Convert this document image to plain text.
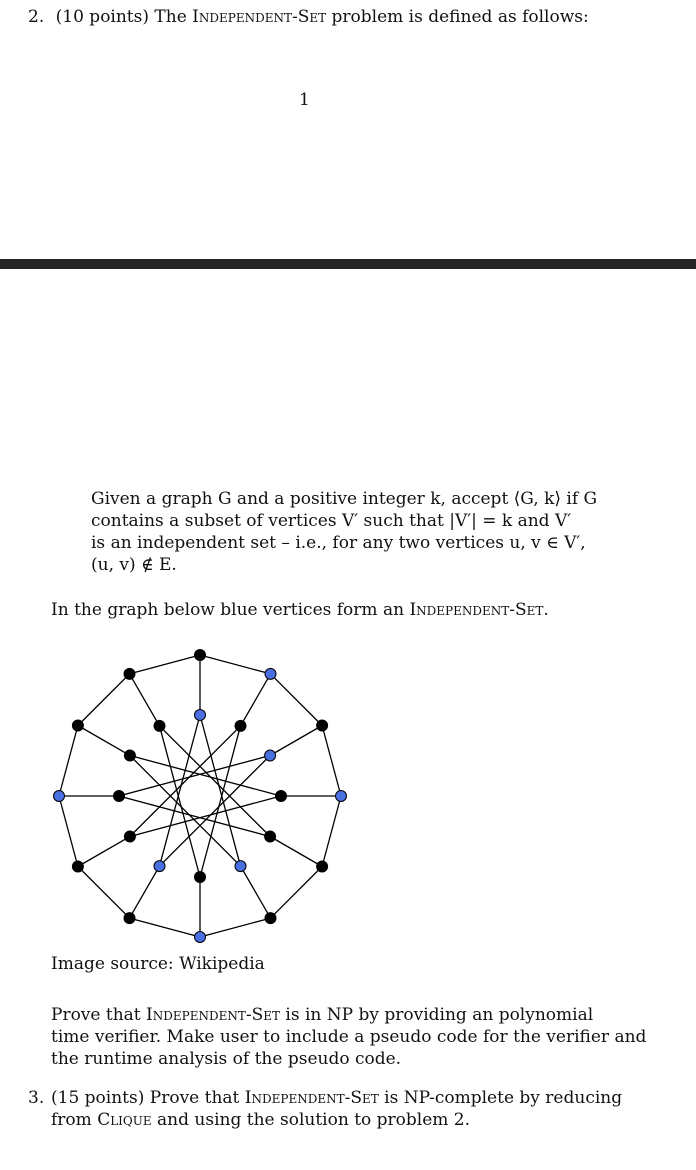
2. (10 points) The Independent-Set problem is defined as follows:
1
Given a graph G and a positive integer k, accept ⟨G, k⟩ if G
contains a subset of vertices V′ such that |V′| = k and V′
is an independent set – i.e., for any two vertices u, v ∈ V′,
(u, v) ∉ E.
In the graph below blue vertices form an Independent-Set.
Image source: Wikipedia
Prove that Independent-Set is in NP by providing an polynomial
time verifier. Make user to include a pseudo code for the verifier and
the runtime analysis of the pseudo code.
3. (15 points) Prove that Independent-Set is NP-complete by reducing
from Clique and using the solution to problem 2.
